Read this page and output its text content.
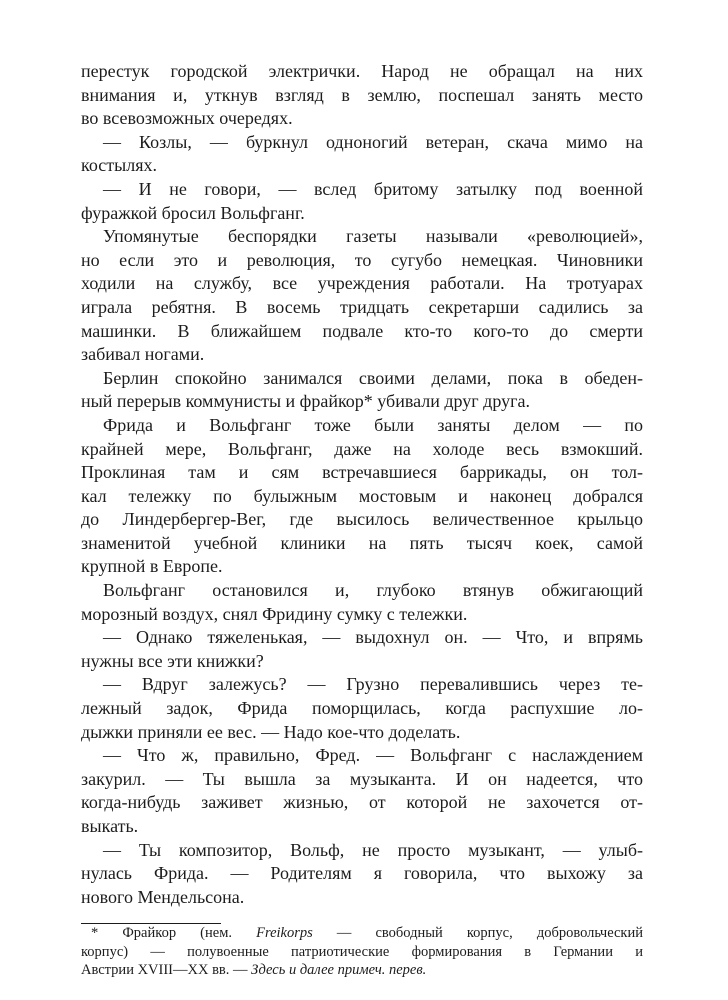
перестук городской электрички. Народ не обращал на них
внимания и, уткнув взгляд в землю, поспешал занять место
во всевозможных очередях.
— Козлы, — буркнул одноногий ветеран, скача мимо на
костылях.
— И не говори, — вслед бритому затылку под военной
фуражкой бросил Вольфганг.
Упомянутые беспорядки газеты называли «революцией»,
но если это и революция, то сугубо немецкая. Чиновники
ходили на службу, все учреждения работали. На тротуарах
играла ребятня. В восемь тридцать секретарши садились за
машинки. В ближайшем подвале кто-то кого-то до смерти
забивал ногами.
Берлин спокойно занимался своими делами, пока в обеден-
ный перерыв коммунисты и фрайкор* убивали друг друга.
Фрида и Вольфганг тоже были заняты делом — по
крайней мере, Вольфганг, даже на холоде весь взмокший.
Проклиная там и сям встречавшиеся баррикады, он тол-
кал тележку по булыжным мостовым и наконец добрался
до Линдербергер-Вег, где высилось величественное крыльцо
знаменитой учебной клиники на пять тысяч коек, самой
крупной в Европе.
Вольфганг остановился и, глубоко втянув обжигающий
морозный воздух, снял Фридину сумку с тележки.
— Однако тяжеленькая, — выдохнул он. — Что, и впрямь
нужны все эти книжки?
— Вдруг залежусь? — Грузно перевалившись через те-
лежный задок, Фрида поморщилась, когда распухшие ло-
дыжки приняли ее вес. — Надо кое-что доделать.
— Что ж, правильно, Фред. — Вольфганг с наслаждением
закурил. — Ты вышла за музыканта. И он надеется, что
когда-нибудь заживет жизнью, от которой не захочется от-
выкать.
— Ты композитор, Вольф, не просто музыкант, — улыб-
нулась Фрида. — Родителям я говорила, что выхожу за
нового Мендельсона.
* Фрайкор (нем. Freikorps — свободный корпус, добровольческий
корпус) — полувоенные патриотические формирования в Германии и
Австрии XVIII—XX вв. — Здесь и далее примеч. перев.
